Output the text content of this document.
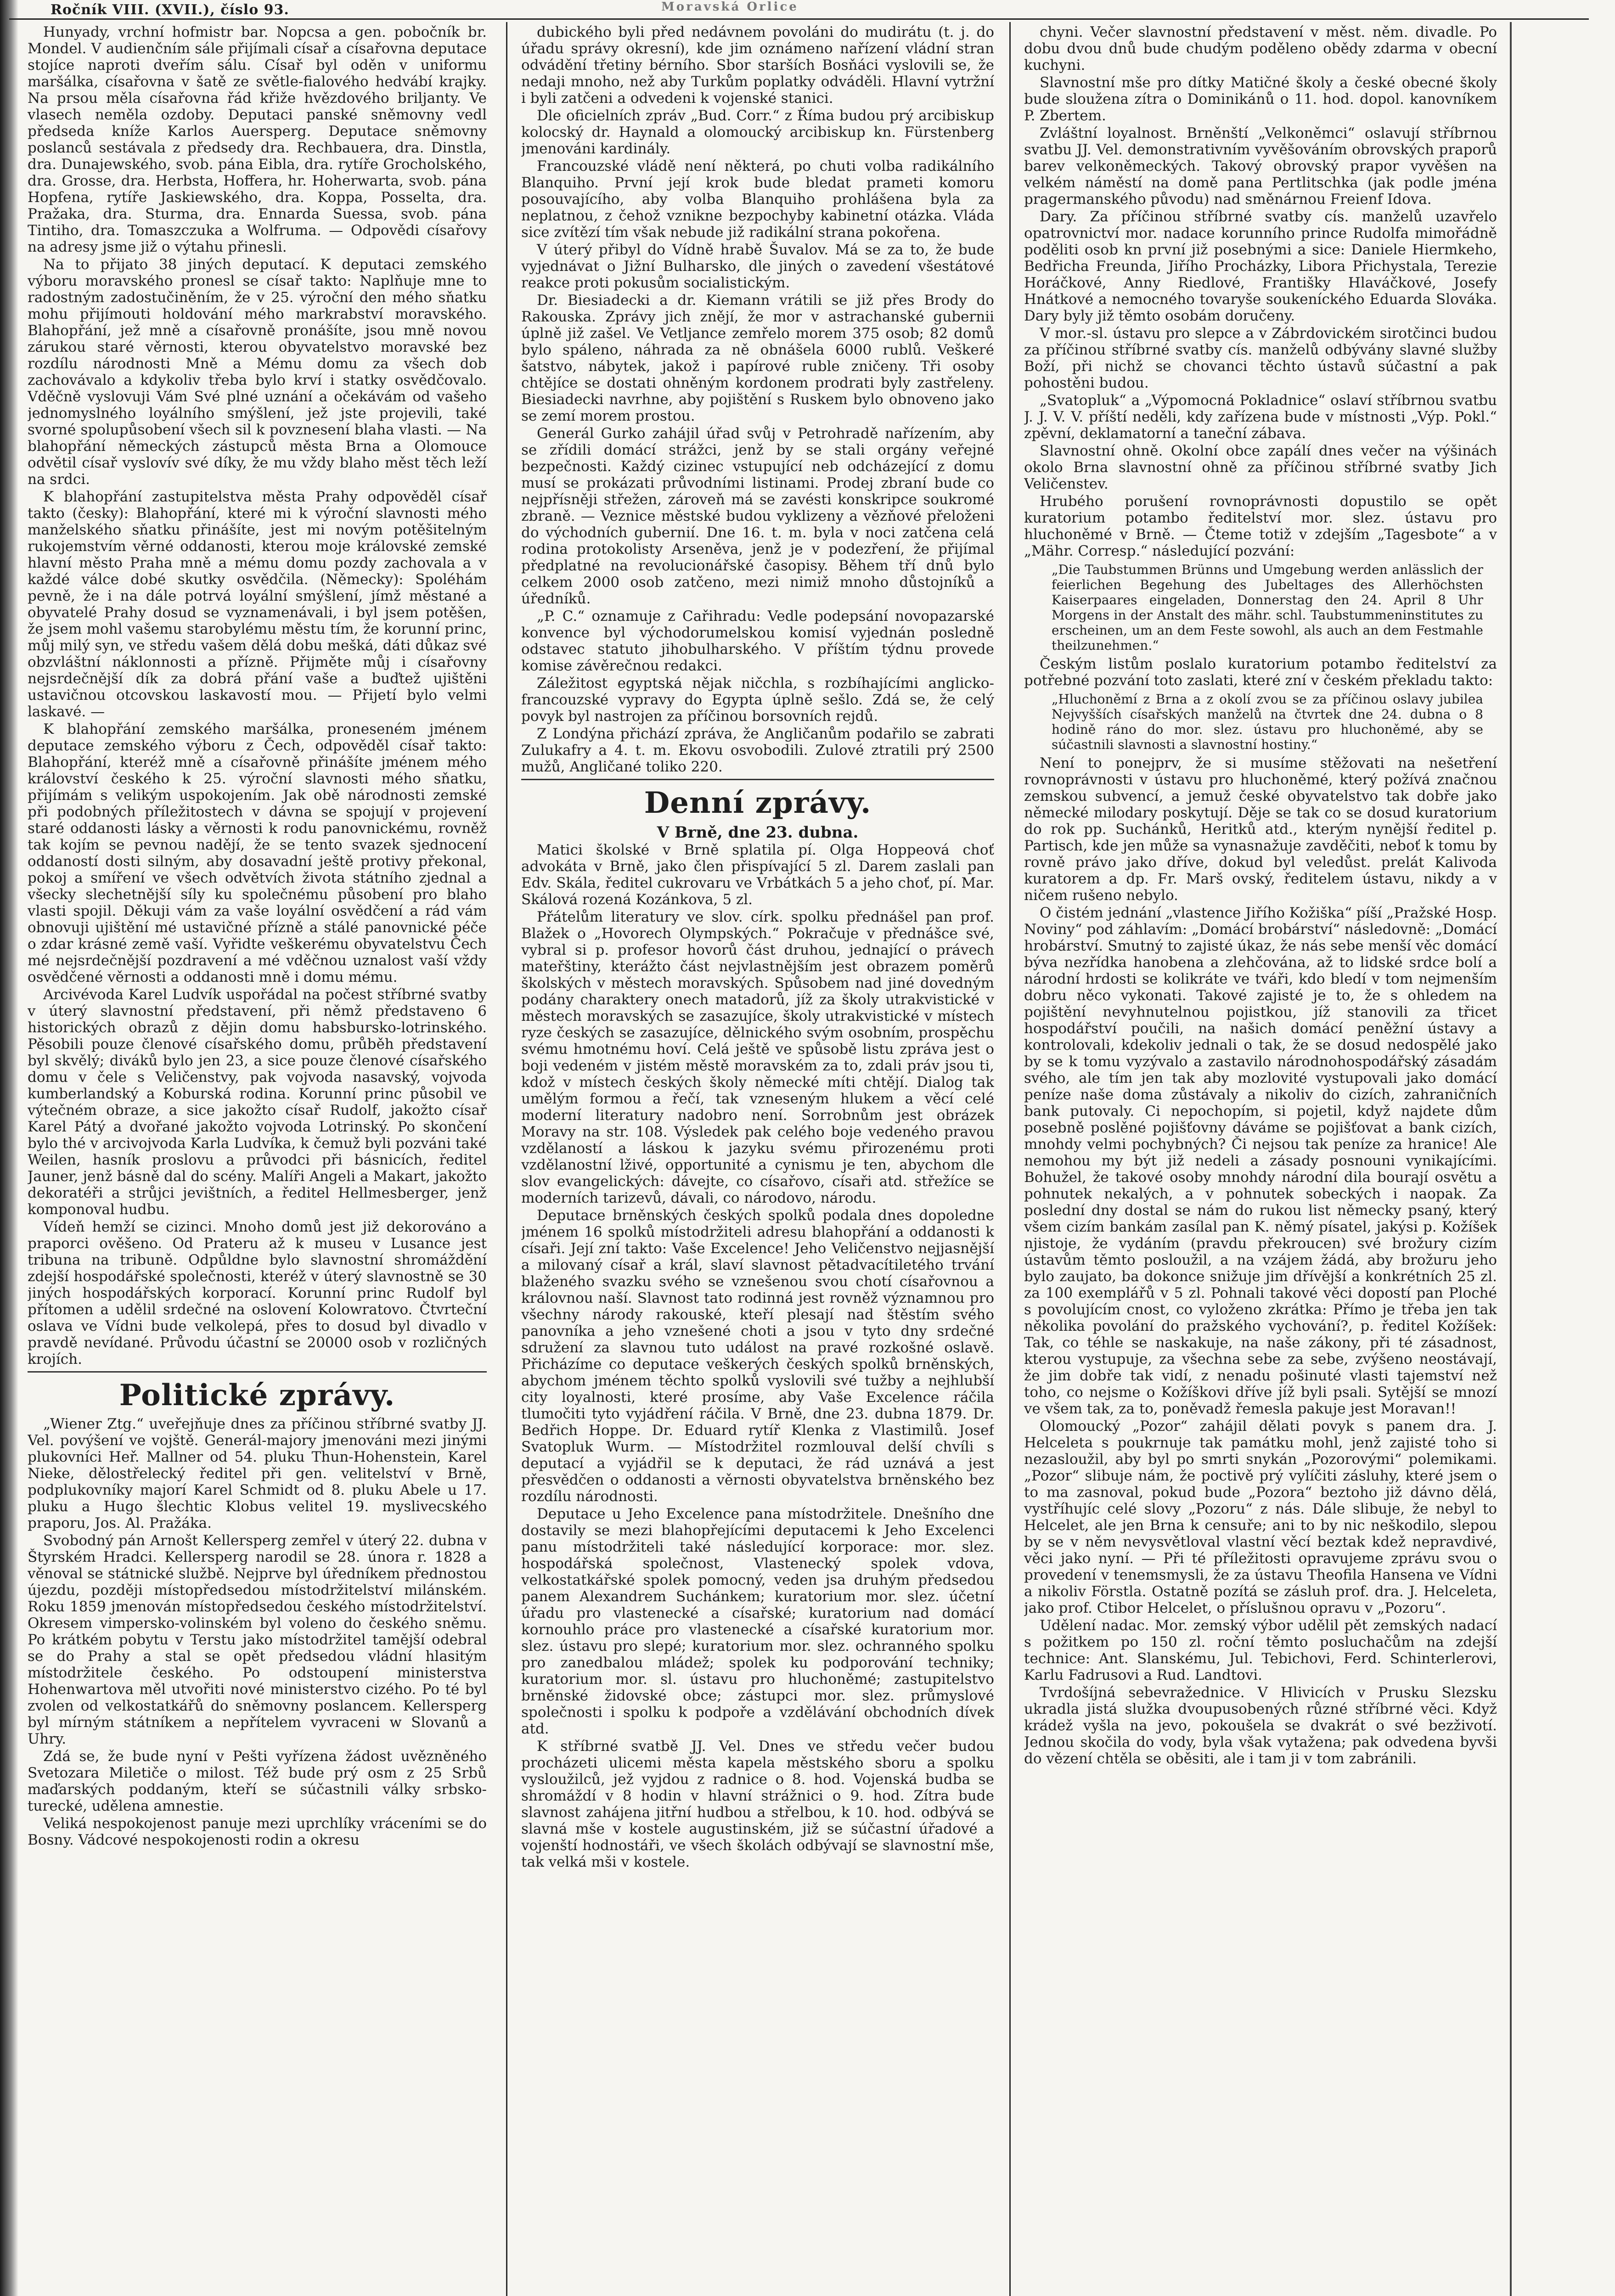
Ročník VIII. (XVII.), číslo 93.	Moravská Orlice

Hunyady, vrchní hofmistr bar. Nopcsa a gen. pobočník br. Mondel. V audienčním sále přijímali císař a císařovna deputace stojíce naproti dveřím sálu. Císař byl oděn v uniformu maršálka, císařovna v šatě ze světle-fialového hedvábí krajky. Na prsou měla císařovna řád křiže hvězdového briljanty. Ve vlasech neměla ozdoby. Deputaci panské sněmovny vedl předseda kníže Karlos Auersperg. Deputace sněmovny poslanců sestávala z předsedy dra. Rechbauera, dra. Dinstla, dra. Dunajewského, svob. pána Eibla, dra. rytíře Grocholského, dra. Grosse, dra. Herbsta, Hoffera, hr. Hoherwarta, svob. pána Hopfena, rytíře Jaskiewského, dra. Koppa, Posselta, dra. Pražaka, dra. Sturma, dra. Ennarda Suessa, svob. pána Tintiho, dra. Tomaszczuka a Wolfruma. — Odpovědi císařovy na adresy jsme již o výtahu přinesli.

Na to přijato 38 jiných deputací. K deputaci zemského výboru moravského pronesl se císař takto: Naplňuje mne to radostným zadostučiněním, že v 25. výroční den mého sňatku mohu přijímouti holdování mého markrabství moravského. Blahopřání, jež mně a císařovně pronášíte, jsou mně novou zárukou staré věrnosti, kterou obyvatelstvo moravské bez rozdílu národnosti Mně a Mému domu za všech dob zachovávalo a kdykoliv třeba bylo krví i statky osvědčovalo. Vděčně vyslovuji Vám Své plné uznání a očekávám od vašeho jednomyslného loyálního smýšlení, jež jste projevili, také svorné spolupůsobení všech sil k povznesení blaha vlasti. — Na blahopřání německých zástupců města Brna a Olomouce odvětil císař vyslovív své díky, že mu vždy blaho měst těch leží na srdci.

K blahopřání zastupitelstva města Prahy odpověděl císař takto (česky): Blahopřání, které mi k výroční slavnosti mého manželského sňatku přinášíte, jest mi novým potěšitelným rukojemstvím věrné oddanosti, kterou moje královské zemské hlavní město Praha mně a mému domu pozdy zachovala a v každé válce dobé skutky osvědčila. (Německy): Spoléhám pevně, že i na dále potrvá loyální smýšlení, jímž městané a obyvatelé Prahy dosud se vyznamenávali, i byl jsem potěšen, že jsem mohl vašemu starobylému městu tím, že korunní princ, můj milý syn, ve středu vašem dělá dobu mešká, dáti důkaz své obzvláštní náklonnosti a přízně. Přijměte můj i císařovny nejsrdečnější dík za dobrá přání vaše a buďtež ujištěni ustavičnou otcovskou laskavostí mou. — Přijetí bylo velmi laskavé. —

K blahopřání zemského maršálka, proneseném jménem deputace zemského výboru z Čech, odpověděl císař takto: Blahopřání, kteréž mně a císařovně přinášíte jménem mého království českého k 25. výroční slavnosti mého sňatku, přijímám s velikým uspokojením. Jak obě národnosti zemské při podobných příležitostech v dávna se spojují v projevení staré oddanosti lásky a věrnosti k rodu panovnickému, rovněž tak kojím se pevnou nadějí, že se tento svazek sjednocení oddaností dosti silným, aby dosavadní ještě protivy překonal, pokoj a smíření ve všech odvětvích života státního zjednal a všecky slechetnější síly ku společnému působení pro blaho vlasti spojil. Děkuji vám za vaše loyální osvědčení a rád vám obnovuji ujištění mé ustavičné přízně a stálé panovnické péče o zdar krásné země vaší. Vyřidte veškerému obyvatelstvu Čech mé nejsrdečnější pozdravení a mé vděčnou uznalost vaší vždy osvědčené věrnosti a oddanosti mně i domu mému.

Arcivévoda Karel Ludvík uspořádal na počest stříbrné svatby v úterý slavnostní představení, při němž představeno 6 historických obrazů z dějin domu habsbursko-lotrinského. Pěsobili pouze členové císařského domu, průběh představení byl skvělý; diváků bylo jen 23, a sice pouze členové císařského domu v čele s Veličenstvy, pak vojvoda nasavský, vojvoda kumberlandský a Koburská rodina. Korunní princ působil ve výtečném obraze, a sice jakožto císař Rudolf, jakožto císař Karel Pátý a dvořané jakožto vojvoda Lotrinský. Po skončení bylo thé v arcivojvoda Karla Ludvíka, k čemuž byli pozváni také Weilen, hasník proslovu a průvodci při básnicích, ředitel Jauner, jenž básně dal do scény. Malíři Angeli a Makart, jakožto dekoratéři a strůjci jevištních, a ředitel Hellmesberger, jenž komponoval hudbu.

Vídeň hemží se cizinci. Mnoho domů jest již dekorováno a praporci ověšeno. Od Prateru až k museu v Lusance jest tribuna na tribuně. Odpůldne bylo slavnostní shromáždění zdejší hospodářské společnosti, kteréž v úterý slavnostně se 30 jiných hospodářských korporací. Korunní princ Rudolf byl přítomen a udělil srdečné na oslovení Kolowratovo. Čtvrteční oslava ve Vídni bude velkolepá, přes to dosud byl divadlo v pravdě nevídané. Průvodu účastní se 20000 osob v rozličných krojích.

Politické zprávy.

„Wiener Ztg.“ uveřejňuje dnes za příčinou stříbrné svatby JJ. Vel. povýšení ve vojště. Generál-majory jmenováni mezi jinými plukovníci Heř. Mallner od 54. pluku Thun-Hohenstein, Karel Nieke, dělostřelecký ředitel při gen. velitelství v Brně, podplukovníky majorí Karel Schmidt od 8. pluku Abele u 17. pluku a Hugo šlechtic Klobus velitel 19. myslivecského praporu, Jos. Al. Pražáka.

Svobodný pán Arnošt Kellersperg zemřel v úterý 22. dubna v Štyrském Hradci. Kellersperg narodil se 28. února r. 1828 a věnoval se státnické službě. Nejprve byl úředníkem přednostou újezdu, později místopředsedou místodržitelství milánském. Roku 1859 jmenován místopředsedou českého místodržitelství. Okresem vimpersko-volinském byl voleno do českého sněmu. Po krátkém pobytu v Terstu jako místodržitel tamější odebral se do Prahy a stal se opět předsedou vládní hlasitým místodržitele českého. Po odstoupení ministerstva Hohenwartova měl utvořiti nové ministerstvo cizého. Po té byl zvolen od velkostatkářů do sněmovny poslancem. Kellersperg byl mírným státníkem a nepřítelem vyvraceni w Slovanů a Uhry.

Zdá se, že bude nyní v Pešti vyřízena žádost uvězněného Svetozara Miletiče o milost. Též bude prý osm z 25 Srbů maďarských poddaným, kteří se súčastnili války srbsko-turecké, udělena amnestie.

Veliká nespokojenost panuje mezi uprchlíky vráceními se do Bosny. Vádcové nespokojenosti rodin a okresu

dubického byli před nedávnem povoláni do mudirátu (t. j. do úřadu správy okresní), kde jim oznámeno nařízení vládní stran odvádění třetiny bérního. Sbor starších Bosňáci vyslovili se, že nedaji mnoho, než aby Turkům poplatky odváděli. Hlavní vytržní i byli zatčeni a odvedeni k vojenské stanici.

Dle oficielních zpráv „Bud. Corr.“ z Říma budou prý arcibiskup kolocský dr. Haynald a olomoucký arcibiskup kn. Fürstenberg jmenováni kardinály.

Francouzské vládě není některá, po chuti volba radikálního Blanquiho. První její krok bude bledat prameti komoru posouvajícího, aby volba Blanquiho prohlášena byla za neplatnou, z čehož vznikne bezpochyby kabinetní otázka. Vláda sice zvítězí tím však nebude již radikální strana pokořena.

V úterý přibyl do Vídně hrabě Šuvalov. Má se za to, že bude vyjednávat o Jižní Bulharsko, dle jiných o zavedení všestátové reakce proti pokusům socialistickým.

Dr. Biesiadecki a dr. Kiemann vrátili se již přes Brody do Rakouska. Zprávy jich znějí, že mor v astrachanské gubernii úplně již zašel. Ve Vetljance zemřelo morem 375 osob; 82 domů bylo spáleno, náhrada za ně obnášela 6000 rublů. Veškeré šatstvo, nábytek, jakož i papírové ruble zničeny. Tři osoby chtějíce se dostati ohněným kordonem prodrati byly zastřeleny. Biesiadecki navrhne, aby pojištění s Ruskem bylo obnoveno jako se zemí morem prostou.

Generál Gurko zahájil úřad svůj v Petrohradě nařízením, aby se zřídili domácí strážci, jenž by se stali orgány veřejné bezpečnosti. Každý cizinec vstupující neb odcházející z domu musí se prokázati průvodními listinami. Prodej zbraní bude co nejpřísněji střežen, zároveň má se zavésti konskripce soukromé zbraně. — Veznice městské budou vyklizeny a vězňové přeloženi do východních gubernií. Dne 16. t. m. byla v noci zatčena celá rodina protokolisty Arseněva, jenž je v podezření, že přijímal předplatné na revolucionářské časopisy. Během tří dnů bylo celkem 2000 osob zatčeno, mezi nimiž mnoho důstojníků a úředníků.

„P. C.“ oznamuje z Cařihradu: Vedle podepsání novopazarské konvence byl východorumelskou komisí vyjednán posledně odstavec statuto jihobulharského. V příštím týdnu provede komise závěrečnou redakci.

Záležitost egyptská nějak ničchla, s rozbíhajícími anglicko-francouzské vypravy do Egypta úplně sešlo. Zdá se, že celý povyk byl nastrojen za příčinou borsovních rejdů.

Z Londýna přichází zpráva, že Angličanům podařilo se zabrati Zulukafry a 4. t. m. Ekovu osvobodili. Zulové ztratili prý 2500 mužů, Angličané toliko 220.

Denní zprávy.
V Brně, dne 23. dubna.

Matici školské v Brně splatila pí. Olga Hoppeová choť advokáta v Brně, jako člen přispívající 5 zl. Darem zaslali pan Edv. Skála, ředitel cukrovaru ve Vrbátkách 5 a jeho choť, pí. Mar. Skálová rozená Kozánkova, 5 zl.

Přátelům literatury ve slov. círk. spolku přednášel pan prof. Blažek o „Hovorech Olympských.“ Pokračuje v přednášce své, vybral si p. profesor hovorů část druhou, jednající o právech mateřštiny, kterážto část nejvlastnějším jest obrazem poměrů školských v městech moravských. Spůsobem nad jiné dovedným podány charaktery onech matadorů, jíž za školy utrakvistické v městech moravských se zasazujíce, školy utrakvistické v místech ryze českých se zasazujíce, dělnického svým osobním, prospěchu svému hmotnému hoví. Celá ještě ve spůsobě listu zpráva jest o boji vedeném v jistém městě moravském za to, zdali práv jsou ti, kdož v místech českých školy německé míti chtějí. Dialog tak umělým formou a řečí, tak vzneseným hlukem a věcí celé moderní literatury nadobro není. Sorrobnům jest obrázek Moravy na str. 108. Výsledek pak celého boje vedeného pravou vzdělaností a láskou k jazyku svému přirozenému proti vzdělanostní lživé, opportunité a cynismu je ten, abychom dle slov evangelických: dávejte, co císařovo, císaři atd. střežíce se moderních tarizevů, dávali, co národovo, národu.

Deputace brněnských českých spolků podala dnes dopoledne jménem 16 spolků místodržiteli adresu blahopřání a oddanosti k císaři. Její zní takto: Vaše Excelence! Jeho Veličenstvo nejjasnější a milovaný císař a král, slaví slavnost pětadvacítiletého trvání blaženého svazku svého se vznešenou svou chotí císařovnou a královnou naší. Slavnost tato rodinná jest rovněž významnou pro všechny národy rakouské, kteří plesají nad štěstím svého panovníka a jeho vznešené choti a jsou v tyto dny srdečné sdružení za slavnou tuto událost na pravé rozkošné oslavě. Přicházíme co deputace veškerých českých spolků brněnských, abychom jménem těchto spolků vyslovili své tužby a nejhlubší city loyalnosti, které prosíme, aby Vaše Excelence ráčila tlumočiti tyto vyjádření ráčila. V Brně, dne 23. dubna 1879. Dr. Bedřich Hoppe. Dr. Eduard rytíř Klenka z Vlastimilů. Josef Svatopluk Wurm. — Místodržitel rozmlouval delší chvíli s deputací a vyjádřil se k deputaci, že rád uznává a jest přesvědčen o oddanosti a věrnosti obyvatelstva brněnského bez rozdílu národnosti.

Deputace u Jeho Excelence pana místodržitele. Dnešního dne dostavily se mezi blahopřejícími deputacemi k Jeho Excelenci panu místodržiteli také následující korporace: mor. slez. hospodářská společnost, Vlastenecký spolek vdova, velkostatkářské spolek pomocný, veden jsa druhým předsedou panem Alexandrem Suchánkem; kuratorium mor. slez. účetní úřadu pro vlastenecké a císařské; kuratorium nad domácí kornouhlo práce pro vlastenecké a císařské kuratorium mor. slez. ústavu pro slepé; kuratorium mor. slez. ochranného spolku pro zanedbalou mládež; spolek ku podporování techniky; kuratorium mor. sl. ústavu pro hluchoněmé; zastupitelstvo brněnské židovské obce; zástupci mor. slez. průmyslové společnosti i spolku k podpoře a vzdělávání obchodních dívek atd.

K stříbrné svatbě JJ. Vel. Dnes ve středu večer budou procházeti ulicemi města kapela městského sboru a spolku vysloužilců, jež vyjdou z radnice o 8. hod. Vojenská budba se shromáždí v 8 hodin v hlavní strážnici o 9. hod. Zítra bude slavnost zahájena jitřní hudbou a střelbou, k 10. hod. odbývá se slavná mše v kostele augustinském, již se súčastní úřadové a vojenští hodnostáři, ve všech školách odbývají se slavnostní mše, tak velká mši v kostele.

chyni. Večer slavnostní představení v měst. něm. divadle. Po dobu dvou dnů bude chudým poděleno obědy zdarma v obecní kuchyni.

Slavnostní mše pro dítky Matičné školy a české obecné školy bude sloužena zítra o Dominikánů o 11. hod. dopol. kanovníkem P. Zbertem.

Zvláštní loyalnost. Brněnští „Velkoněmci“ oslavují stříbrnou svatbu JJ. Vel. demonstrativním vyvěšováním obrovských praporů barev velkoněmeckých. Takový obrovský prapor vyvěšen na velkém náměstí na domě pana Pertlitschka (jak podle jména pragermanského původu) nad směnárnou Freienf Idova.

Dary. Za příčinou stříbrné svatby cís. manželů uzavřelo opatrovnictví mor. nadace korunního prince Rudolfa mimořádně poděliti osob kn první již posebnými a sice: Daniele Hiermkeho, Bedřicha Freunda, Jiřího Procházky, Libora Přichystala, Terezie Horáčkové, Anny Riedlové, Františky Hlaváčkové, Josefy Hnátkové a nemocného tovaryše soukeníckého Eduarda Slováka. Dary byly již těmto osobám doručeny.

V mor.-sl. ústavu pro slepce a v Zábrdovickém sirotčinci budou za příčinou stříbrné svatby cís. manželů odbývány slavné služby Boží, při nichž se chovanci těchto ústavů súčastní a pak pohostěni budou.

„Svatopluk“ a „Výpomocná Pokladnice“ oslaví stříbrnou svatbu J. J. V. V. příští neděli, kdy zařízena bude v místnosti „Výp. Pokl.“ zpěvní, deklamatorní a taneční zábava.

Slavnostní ohně. Okolní obce zapálí dnes večer na výšinách okolo Brna slavnostní ohně za příčinou stříbrné svatby Jich Veličenstev.

Hrubého porušení rovnoprávnosti dopustilo se opět kuratorium potambo ředitelství mor. slez. ústavu pro hluchoněmé v Brně. — Čteme totiž v zdejším „Tagesbote“ a v „Mähr. Corresp.“ následující pozvání:

„Die Taubstummen Brünns und Umgebung werden anlässlich der feierlichen Begehung des Jubeltages des Allerhöchsten Kaiserpaares eingeladen, Donnerstag den 24. April 8 Uhr Morgens in der Anstalt des mähr. schl. Taubstummeninstitutes zu erscheinen, um an dem Feste sowohl, als auch an dem Festmahle theilzunehmen.“

Českým listům poslalo kuratorium potambo ředitelství za potřebné pozvání toto zaslati, které zní v českém překladu takto:

„Hluchoněmí z Brna a z okolí zvou se za příčinou oslavy jubilea Nejvyšších císařských manželů na čtvrtek dne 24. dubna o 8 hodině ráno do mor. slez. ústavu pro hluchoněmé, aby se súčastnili slavnosti a slavnostní hostiny.“

Není to ponejprv, že si musíme stěžovati na nešetření rovnoprávnosti v ústavu pro hluchoněmé, který požívá značnou zemskou subvencí, a jemuž české obyvatelstvo tak dobře jako německé milodary poskytují. Děje se tak co se dosud kuratorium do rok pp. Suchánků, Heritků atd., kterým nynější ředitel p. Partisch, kde jen může sa vynasnažuje zavděčiti, neboť k tomu by rovně právo jako dříve, dokud byl veledůst. prelát Kalivoda kuratorem a dp. Fr. Marš ovský, ředitelem ústavu, nikdy a v ničem rušeno nebylo.

O čistém jednání „vlastence Jiřího Kožiška“ píší „Pražské Hosp. Noviny“ pod záhlavím: „Domácí brobárství“ následovně: „Domácí hrobárství. Smutný to zajisté úkaz, že nás sebe menší věc domácí býva nezřídka hanobena a zlehčována, až to lidské srdce bolí a národní hrdosti se kolikráte ve tváři, kdo bledí v tom nejmenším dobru něco vykonati. Takové zajisté je to, že s ohledem na pojištění nevyhnutelnou pojistkou, jíž stanovili za třicet hospodářství poučili, na našich domácí peněžní ústavy a kontrolovali, kdekoliv jednali o tak, že se dosud nedospělé jako by se k tomu vyzývalo a zastavilo národnohospodářský zásadám svého, ale tím jen tak aby mozlovité vystupovali jako domácí peníze naše doma zůstávaly a nikoliv do cizích, zahraničních bank putovaly. Ci nepochopím, si pojetil, když najdete dům posebně poslěné pojišťovny dáváme se pojišťovat a bank cizích, mnohdy velmi pochybných? Či nejsou tak peníze za hranice! Ale nemohou my být již nedeli a zásady posnouni vynikajícími. Bohužel, že takové osoby mnohdy národní dila bourají osvětu a pohnutek nekalých, a v pohnutek sobeckých i naopak. Za poslední dny dostal se nám do rukou list německy psaný, který všem cizím bankám zasílal pan K. němý písatel, jakýsi p. Kožíšek njistoje, že vydáním (pravdu překroucen) své brožury cizím ústavům těmto posloužil, a na vzájem žádá, aby brožuru jeho bylo zaujato, ba dokonce snižuje jim dřívější a konkrétních 25 zl. za 100 exemplářů v 5 zl. Pohnali takové věci dopostí pan Ploché s povolujícím cnost, co vyloženo zkrátka: Přímo je třeba jen tak několika povolání do pražského vychování?, p. ředitel Kožíšek: Tak, co téhle se naskakuje, na naše zákony, při té zásadnost, kterou vystupuje, za všechna sebe za sebe, zvýšeno neostávají, že jim dobře tak vidí, z nenadu pošinuté vlasti tajemství než toho, co nejsme o Kožíškovi dříve jíž byli psali. Sytější se mnozí ve všem tak, za to, poněvadž řemesla pakuje jest Moravan!!

Olomoucký „Pozor“ zahájil dělati povyk s panem dra. J. Helceleta s poukrnuje tak památku mohl, jenž zajisté toho si nezasloužil, aby byl po smrti snykán „Pozorovými“ polemikami. „Pozor“ slibuje nám, že poctivě prý vylíčiti zásluhy, které jsem o to ma zasnoval, pokud bude „Pozora“ beztoho již dávno dělá, vystříhujíc celé slovy „Pozoru“ z nás. Dále slibuje, že nebyl to Helcelet, ale jen Brna k censuře; ani to by nic neškodilo, slepou by se v něm nevysvětloval vlastní věcí beztak kdež nepravdivé, věci jako nyní. — Při té příležitosti opravujeme zprávu svou o provedení v tenemsmysli, že za ústavu Theofila Hansena ve Vídni a nikoliv Förstla. Ostatně pozítá se zásluh prof. dra. J. Helceleta, jako prof. Ctibor Helcelet, o příslušnou opravu v „Pozoru“.

Udělení nadac. Mor. zemský výbor udělil pět zemských nadací s požitkem po 150 zl. roční těmto posluchačům na zdejší technice: Ant. Slanskému, Jul. Tebichovi, Ferd. Schinterlerovi, Karlu Fadrusovi a Rud. Landtovi.

Tvrdošíjná sebevražednice. V Hlivicích v Prusku Slezsku ukradla jistá služka dvoupusobených různé stříbrné věci. Když krádež vyšla na jevo, pokoušela se dvakrát o své bezživotí. Jednou skočila do vody, byla však vytažena; pak odvedena byvši do vězení chtěla se oběsiti, ale i tam ji v tom zabránili.
